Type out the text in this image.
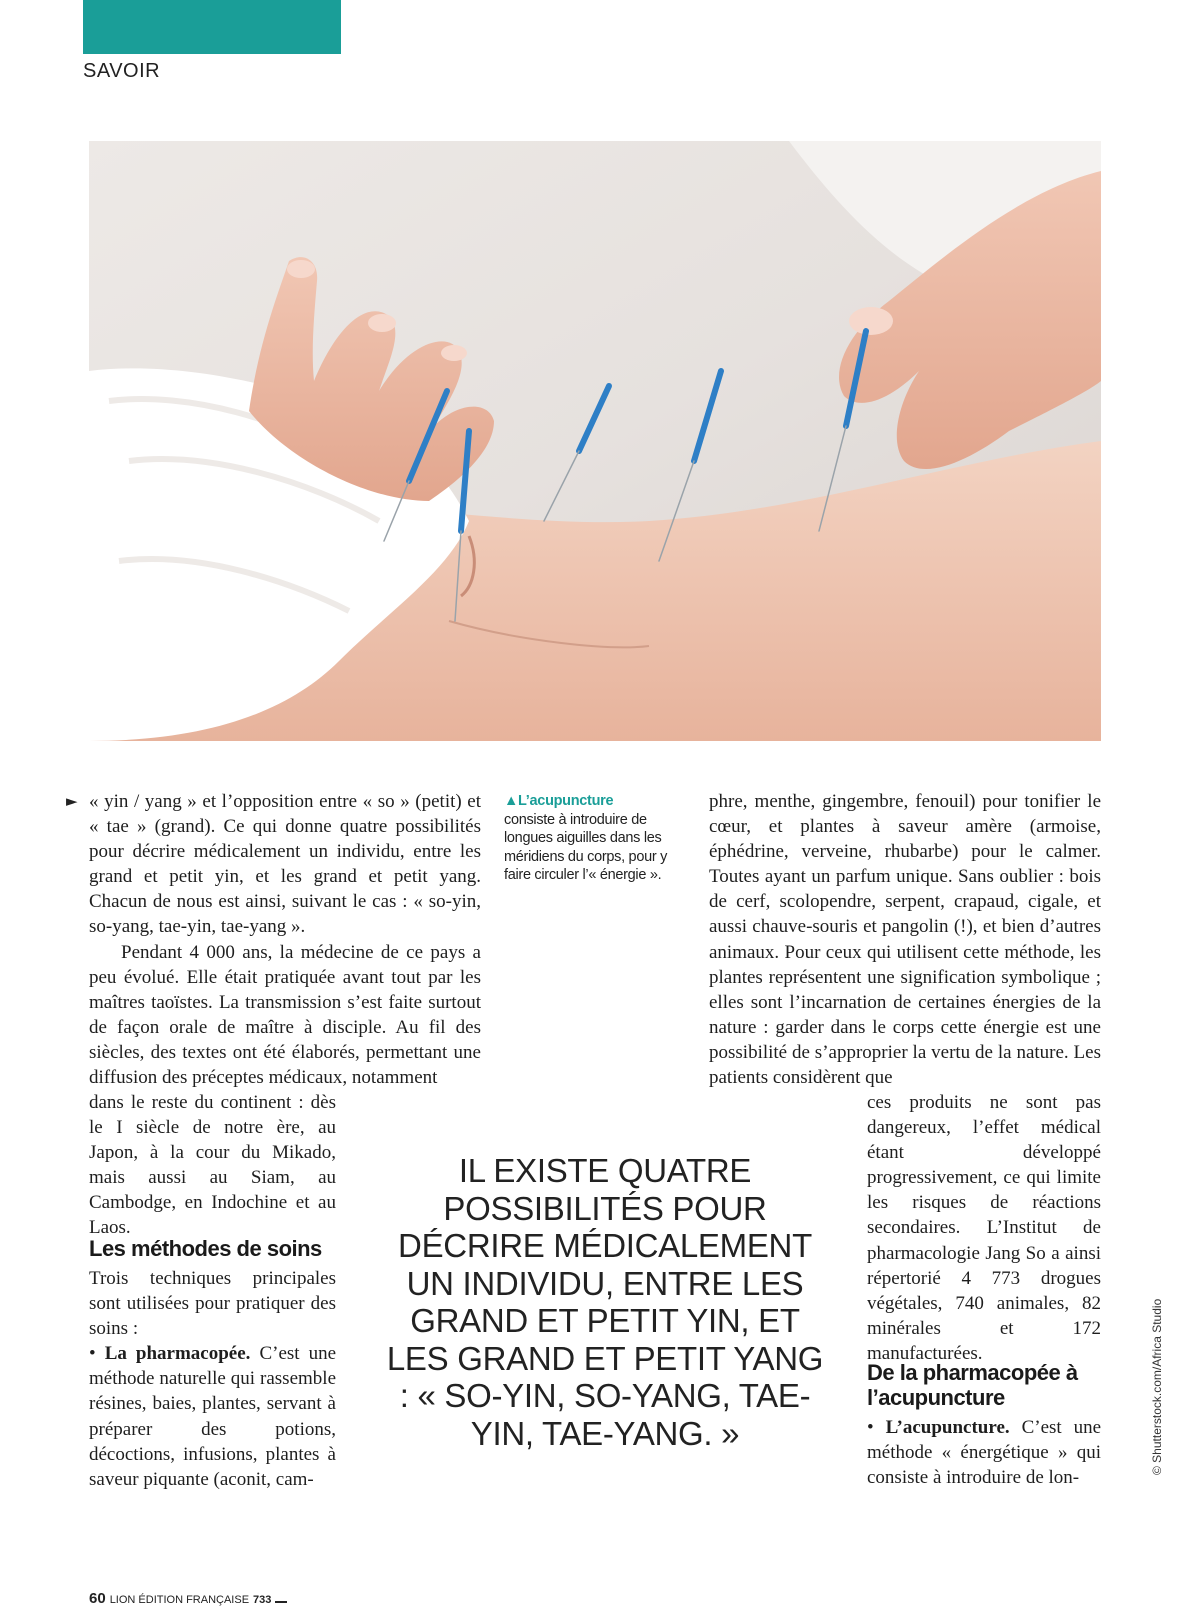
SAVOIR
► « yin / yang » et l’opposition entre « so » (petit) et « tae » (grand). Ce qui donne quatre possibilités pour décrire médicalement un individu, entre les grand et petit yin, et les grand et petit yang. Chacun de nous est ainsi, suivant le cas : « so-yin, so-yang, tae-yin, tae-yang ».

Pendant 4 000 ans, la médecine de ce pays a peu évolué. Elle était pratiquée avant tout par les maîtres taoïstes. La transmission s’est faite surtout de façon orale de maître à disciple. Au fil des siècles, des textes ont été élaborés, permettant une diffusion des préceptes médicaux, notamment

dans le reste du continent : dès le I siècle de notre ère, au Japon, à la cour du Mikado, mais aussi au Siam, au Cambodge, en Indochine et au Laos.

Les méthodes de soins

Trois techniques principales sont utilisées pour pratiquer des soins :

• La pharmacopée. C’est une méthode naturelle qui rassemble résines, baies, plantes, servant à préparer des potions, décoctions, infusions, plantes à saveur piquante (aconit, cam-

▲L’acupuncture
consiste à introduire de longues aiguilles dans les méridiens du corps, pour y faire circuler l’« énergie ».

phre, menthe, gingembre, fenouil) pour tonifier le cœur, et plantes à saveur amère (armoise, éphédrine, verveine, rhubarbe) pour le calmer. Toutes ayant un parfum unique. Sans oublier : bois de cerf, scolopendre, serpent, crapaud, cigale, et aussi chauve-souris et pangolin (!), et bien d’autres animaux. Pour ceux qui utilisent cette méthode, les plantes représentent une signification symbolique ; elles sont l’incarnation de certaines énergies de la nature : garder dans le corps cette énergie est une possibilité de s’approprier la vertu de la nature. Les patients considèrent que

ces produits ne sont pas dangereux, l’effet médical étant développé progressivement, ce qui limite les risques de réactions secondaires. L’Institut de pharmacologie Jang So a ainsi répertorié 4 773 drogues végétales, 740 animales, 82 minérales et 172 manufacturées.

De la pharmacopée à l’acupuncture

• L’acupuncture. C’est une méthode « énergétique » qui consiste à introduire de lon-

IL EXISTE QUATRE POSSIBILITÉS POUR DÉCRIRE MÉDICALEMENT UN INDIVIDU, ENTRE LES GRAND ET PETIT YIN, ET LES GRAND ET PETIT YANG : « SO-YIN, SO-YANG, TAE-YIN, TAE-YANG. »	© Shutterstock.com/Africa Studio
60 LION ÉDITION FRANÇAISE 733
